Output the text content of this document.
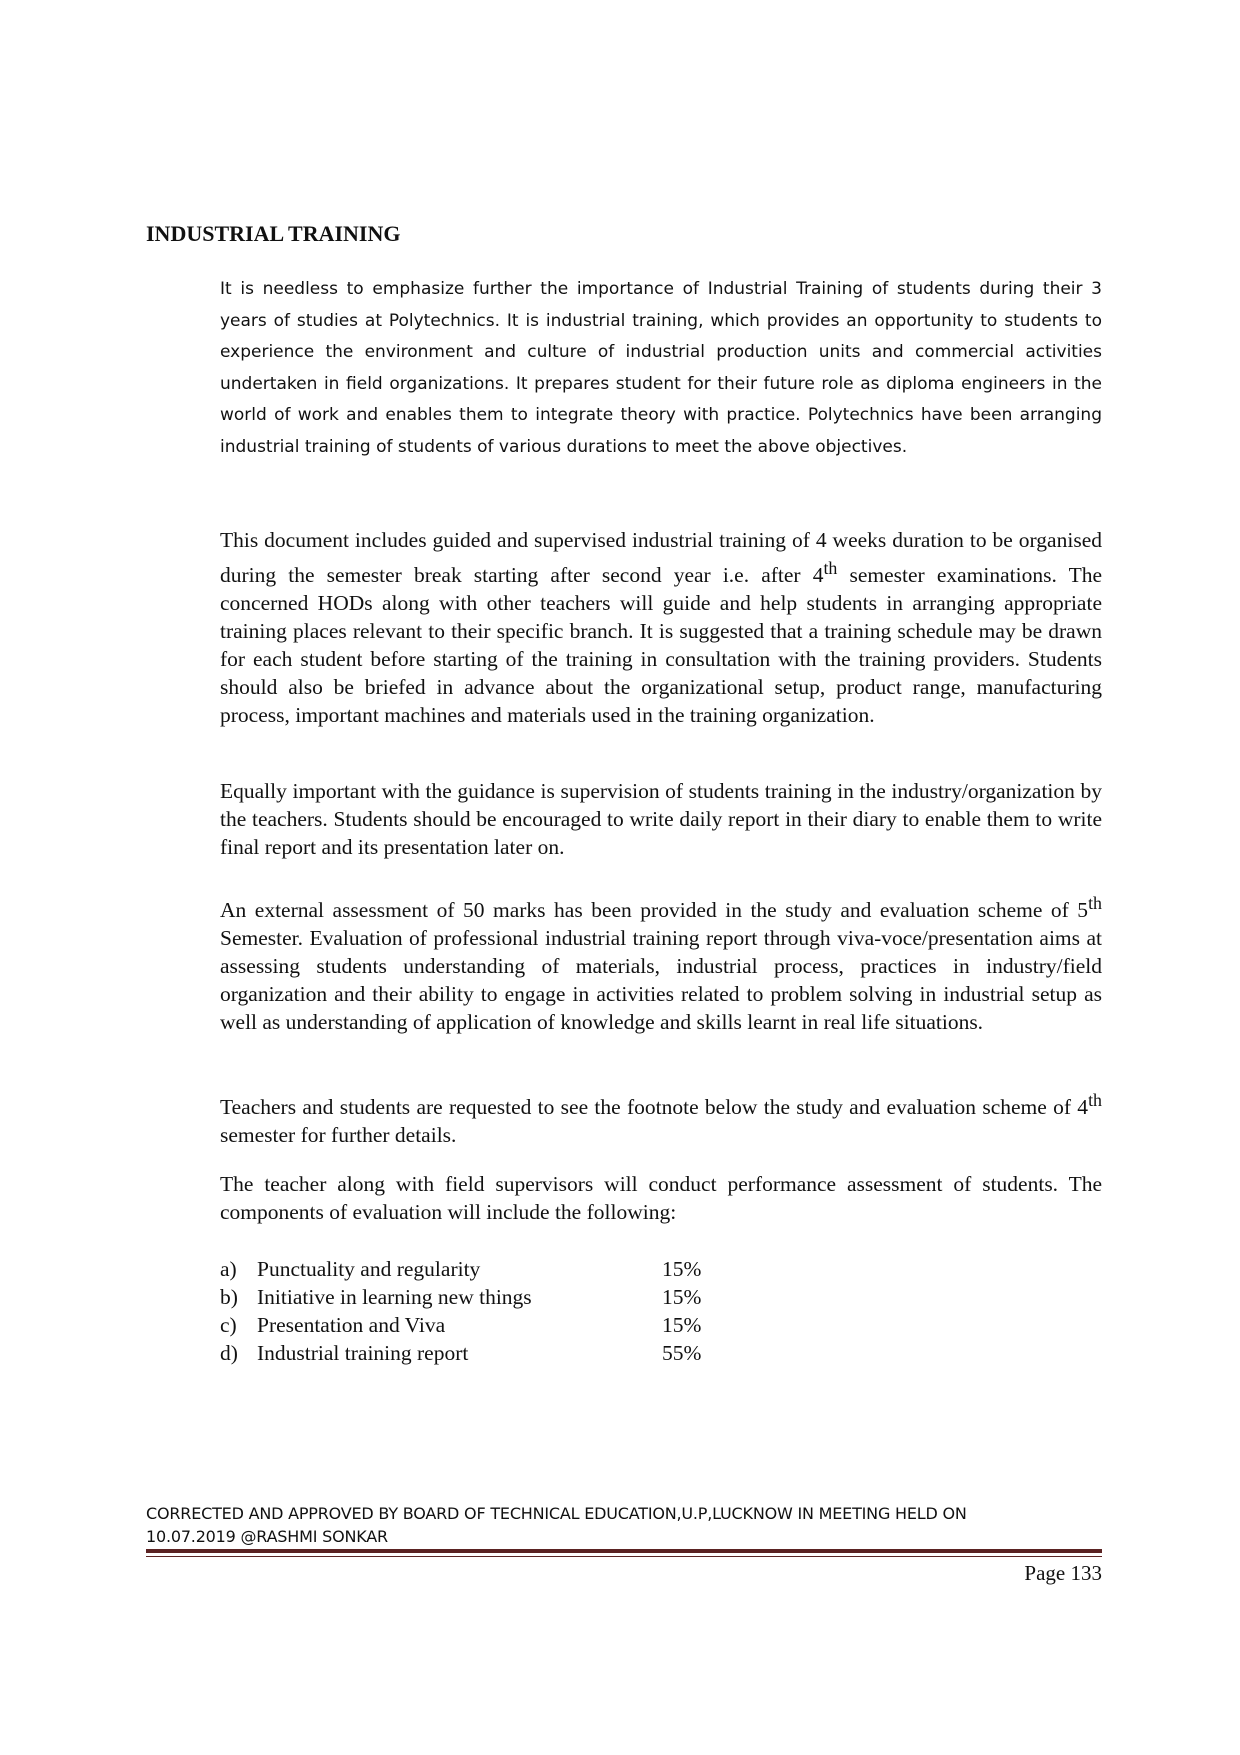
INDUSTRIAL TRAINING

It is needless to emphasize further the importance of Industrial Training of students during their 3 years of studies at Polytechnics. It is industrial training, which provides an opportunity to students to experience the environment and culture of industrial production units and commercial activities undertaken in field organizations. It prepares student for their future role as diploma engineers in the world of work and enables them to integrate theory with practice. Polytechnics have been arranging industrial training of students of various durations to meet the above objectives.

This document includes guided and supervised industrial training of 4 weeks duration to be organised during the semester break starting after second year i.e. after 4th semester examinations. The concerned HODs along with other teachers will guide and help students in arranging appropriate training places relevant to their specific branch. It is suggested that a training schedule may be drawn for each student before starting of the training in consultation with the training providers. Students should also be briefed in advance about the organizational setup, product range, manufacturing process, important machines and materials used in the training organization.

Equally important with the guidance is supervision of students training in the industry/organization by the teachers. Students should be encouraged to write daily report in their diary to enable them to write final report and its presentation later on.

An external assessment of 50 marks has been provided in the study and evaluation scheme of 5th Semester. Evaluation of professional industrial training report through viva-voce/presentation aims at assessing students understanding of materials, industrial process, practices in industry/field organization and their ability to engage in activities related to problem solving in industrial setup as well as understanding of application of knowledge and skills learnt in real life situations.

Teachers and students are requested to see the footnote below the study and evaluation scheme of 4th semester for further details.

The teacher along with field supervisors will conduct performance assessment of students. The components of evaluation will include the following:

a) Punctuality and regularity	15%
b) Initiative in learning new things	15%
c) Presentation and Viva	15%
d) Industrial training report	55%
CORRECTED AND APPROVED BY BOARD OF TECHNICAL EDUCATION,U.P,LUCKNOW IN MEETING HELD ON
10.07.2019 @RASHMI SONKAR
Page 133
